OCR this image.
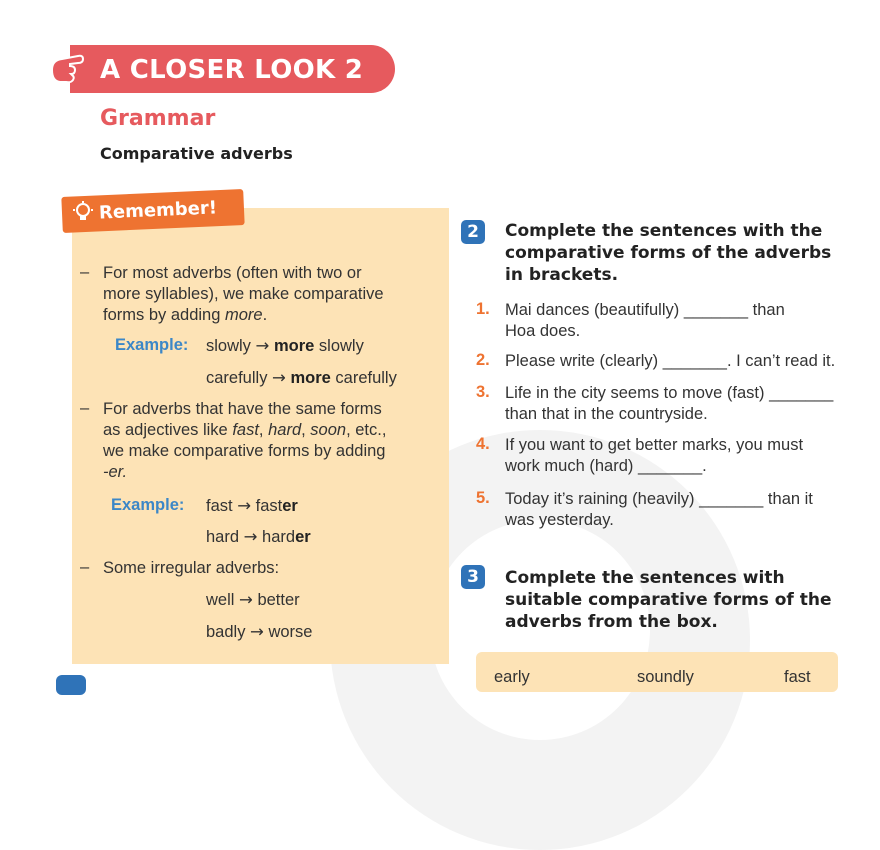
A CLOSER LOOK 2
Grammar
Comparative adverbs
Remember!
– For most adverbs (often with two or
more syllables), we make comparative
forms by adding more.
Example: slowly → more slowly
carefully → more carefully
– For adverbs that have the same forms
as adjectives like fast, hard, soon, etc.,
we make comparative forms by adding
-er.
Example: fast → faster
hard → harder
– Some irregular adverbs:
well → better
badly → worse
2	Complete the sentences with the
comparative forms of the adverbs
in brackets.
1. Mai dances (beautifully) _______ than
Hoa does.
2. Please write (clearly) _______. I can’t read it.
3. Life in the city seems to move (fast) _______
than that in the countryside.
4. If you want to get better marks, you must
work much (hard) _______.
5. Today it’s raining (heavily) _______ than it
was yesterday.
3	Complete the sentences with
suitable comparative forms of the
adverbs from the box.
early	soundly	fast
